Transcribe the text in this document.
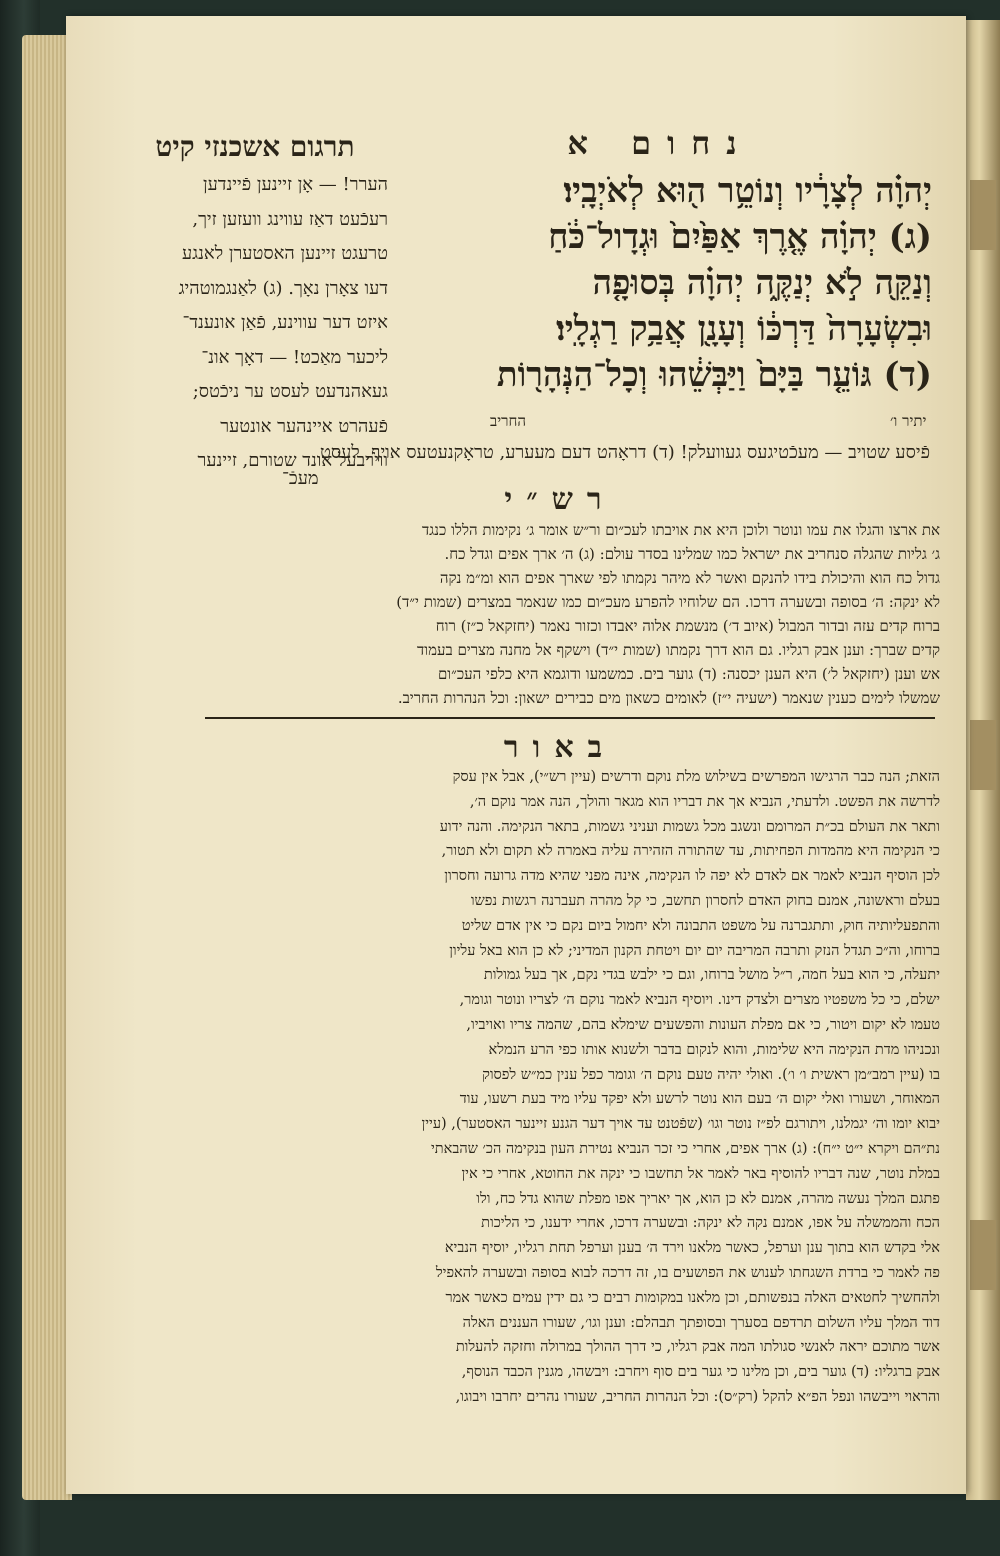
תרגום אשכנזי קיט	נחום א
הערר! — אָן זיינען פֿיינדען
רעכֿעט דאַז עווינג וועזען זיך,
טרעגט זיינען האסטערן לאנגע
דעו צאָרן נאָך. (ג) לאַנגמוטהיג
איזט דער עווינע, פֿאַן אונענד־
ליכער מאַכט! — דאָך אונ־
געאהנדעט לעסט ער ניכֿטס;
פֿעהרט איינהער אונטער
ווירבעל אונד שטורם, זיינער
יְהוָ֗ה לְצָרָ֔יו וְנוֹטֵ֥ר ה֖וּא לְאֹיְבָֽיו׃
(ג) יְהוָ֗ה אֶ֤רֶךְ אַפַּ֙יִם֙ וּגְדָול־כֹּ֔חַ
וְנַקֵּ֖ה לֹ֣א יְנַקֶּ֑ה יְהוָ֗ה בְּסוּפָ֤ה
וּבִשְׂעָרָה֙ דַּרְכּ֔וֹ וְעָנָ֖ן אֲבַ֥ק רַגְלָֽיו׃
(ד) גּוֹעֵ֤ר בַּיָּם֙ וַיַּבְּשֵׁ֔הוּ וְכָל־הַנְּהָר֖וֹת
החריב	יתיר ו׳
פֿיסע שטויב — מעכֿטיגעס געוועלק! (ד) דראָהט דעם מעערע, טראָקנעטעס אויף, לעסט
מעכֿ־
רש״י
את ארצו והגלו את עמו ונוטר ולוכן היא את אויבתו לעכ״ום ור״ש אומר ג׳ נקימות הללו כנגד
ג׳ גליות שהגלה סנחריב את ישראל כמו שמלינו בסדר עולם: (ג) ה׳ ארך אפים וגדל כח.
גדול כח הוא והיכולת בידו להנקם ואשר לא מיהר נקמתו לפי שארך אפים הוא ומ״מ נקה
לא ינקה: ה׳ בסופה ובשערה דרכו. הם שלוחיו להפרע מעכ״ום כמו שנאמר במצרים (שמות י״ד)
ברוח קדים עזה ובדור המבול (איוב ד׳) מנשמת אלוה יאבדו וכזור נאמר (יחזקאל כ״ז) רוח
קדים שברך: וענן אבק רגליו. גם הוא דרך נקמתו (שמות י״ד) וישקף אל מחנה מצרים בעמוד
אש וענן (יחזקאל ל׳) היא הענן יכסנה: (ד) גוער בים. כמשמעו ודוגמא היא כלפי העכ״ום
שמשלו לימים כענין שנאמר (ישעיה י״ז) לאומים כשאון מים כבירים ישאון: וכל הנהרות החריב.
באור
הזאת; הנה כבר הרגישו המפרשים בשילוש מלת נוקם ודרשים (עיין רש״י), אבל אין עסק
לדרשה את הפשט. ולדעתי, הנביא אך את דבריו הוא מגאר והולך, הנה אמר נוקם ה׳,
ותאר את העולם בכ״ת המרומם ונשגב מכל גשמות ועניני גשמות, בתאר הנקימה. והנה ידוע
כי הנקימה היא מהמדות הפחיתות, עד שהתורה הזהירה עליה באמרה לא תקום ולא תטור,
לכן הוסיף הנביא לאמר אם לאדם לא יפה לו הנקימה, אינה מפני שהיא מדה גרועה וחסרון
בעלם וראשונה, אמנם בחוק האדם לחסרון תחשב, כי קל מהרה תעברנה רגשות נפשו
והתפעליותיה חוק, ותתגברנה על משפט התבונה ולא יחמול ביום נקם כי אין אדם שליט
ברוחו, וה״כ תגדל הנזק ותרבה המריבה יום יום ויטחת הקנון המדיני; לא כן הוא באל עליון
יתעלה, כי הוא בעל חמה, ר״ל מושל ברוחו, וגם כי ילבש בגדי נקם, אך בעל גמולות
ישלם, כי כל משפטיו מצרים ולצדק דינו. ויוסיף הנביא לאמר נוקם ה׳ לצריו ונוטר וגומר,
טעמו לא יקום ויטור, כי אם מפלת העונות והפשעים שימלא בהם, שהמה צריו ואויביו,
ונכניהו מדת הנקימה היא שלימות, והוא לנקום בדבר ולשנוא אותו כפי הרע הנמלא
בו (עיין רמב״מן ראשית ו׳ ו׳). ואולי יהיה טעם נוקם ה׳ וגומר כפל ענין כמ״ש לפסוק
המאוחר, ושעורו ואלי יקום ה׳ בעם הוא נוטר לרשע ולא יפקד עליו מיד בעת רשעו, עוד
יבוא יומו וה׳ יגמלנו, ויתורגם לפ״ז נוטר וגו׳ (שפֿטנט עד אויך דער הגנע זיינער האסטער), (עיין
נת״הם ויקרא י״ט י״ח): (ג) ארך אפים, אחרי כי זכר הנביא נטירת העון בנקימה הכ׳ שהבאתי
במלת נוטר, שנה דבריו להוסיף באר לאמר אל תחשבו כי ינקה את החוטא, אחרי כי אין
פתגם המלך נעשה מהרה, אמנם לא כן הוא, אך יאריך אפו מפלת שהוא גדל כח, ולו
הכח והממשלה על אפו, אמנם נקה לא ינקה: ובשערה דרכו, אחרי ידענו, כי הליכות
אלי בקדש הוא בתוך ענן וערפל, כאשר מלאנו וירד ה׳ בענן וערפל תחת רגליו, יוסיף הנביא
פה לאמר כי ברדת השגחתו לענוש את הפושעים בו, זה דרכה לבוא בסופה ובשערה להאפיל
ולהחשיך לחטאים האלה בנפשותם, וכן מלאנו במקומות רבים כי גם ידין עמים כאשר אמר
דוד המלך עליו השלום תרדפם בסערך ובסופתך תבהלם: וענן וגו׳, שעורו העננים האלה
אשר מתוכם יראה לאנשי סגולתו המה אבק רגליו, כי דרך ההולך במרולה וחזקה להעלות
אבק ברגליו: (ד) גוער בים, וכן מלינו כי גער בים סוף ויחרב: ויבשהו, מגנין הכבד הנוסף,
והראוי וייבשהו ונפל הפ״א להקל (רק״ס): וכל הנהרות החריב, שעורו נהרים יחרבו ויבוגו,
